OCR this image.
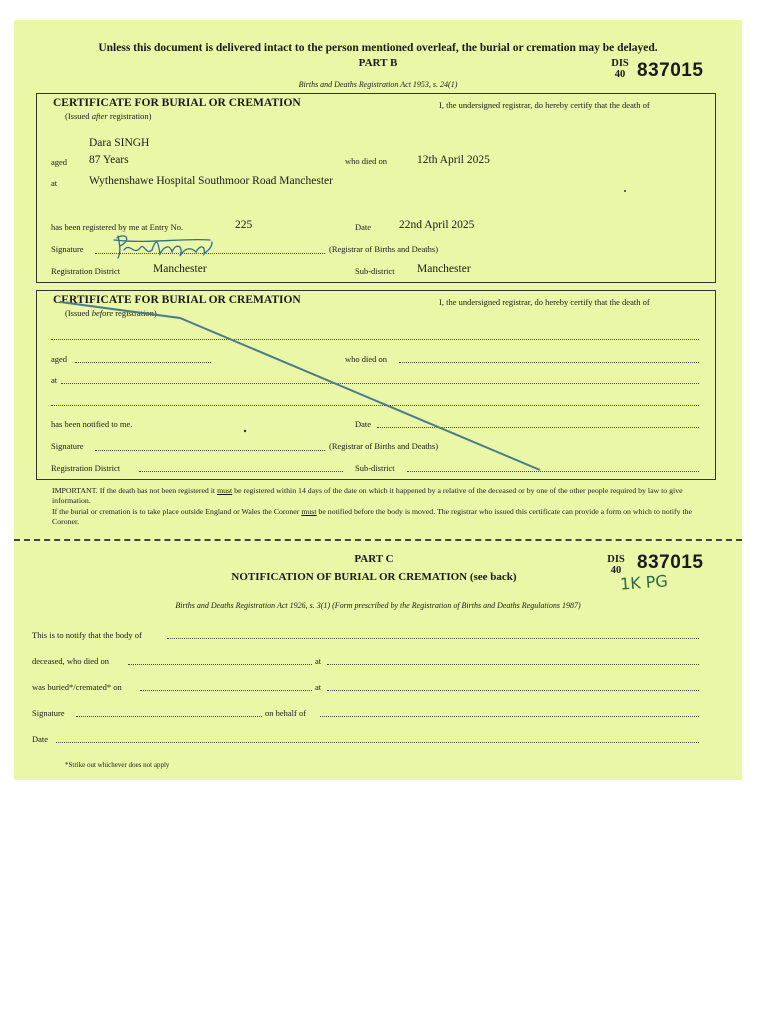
Unless this document is delivered intact to the person mentioned overleaf, the burial or cremation may be delayed.
PART B
Births and Deaths Registration Act 1953, s. 24(1)
DIS
40 837015
CERTIFICATE FOR BURIAL OR CREMATION
(Issued after registration)
I, the undersigned registrar, do hereby certify that the death of
Dara SINGH
aged 87 Years	who died on	12th April 2025
at	Wythenshawe Hospital Southmoor Road Manchester
has been registered by me at Entry No.	225	Date 22nd April 2025
Signature	(Registrar of Births and Deaths)
Registration District	Manchester	Sub-district Manchester
CERTIFICATE FOR BURIAL OR CREMATION
(Issued before registration)
I, the undersigned registrar, do hereby certify that the death of
aged	who died on
at
has been notified to me.	Date
Signature	(Registrar of Births and Deaths)
Registration District	Sub-district
IMPORTANT. If the death has not been registered it must be registered within 14 days of the date on which it happened by a relative of the deceased or by one of the other people required by law to give information.
If the burial or cremation is to take place outside England or Wales the Coroner must be notified before the body is moved. The registrar who issued this certificate can provide a form on which to notify the Coroner.
PART C
NOTIFICATION OF BURIAL OR CREMATION (see back)
DIS
40 837015
1K PG
Births and Deaths Registration Act 1926, s. 3(1) (Form prescribed by the Registration of Births and Deaths Regulations 1987)
This is to notify that the body of
deceased, who died on	at
was buried*/cremated* on	at
Signature	on behalf of
Date
*Strike out whichever does not apply
